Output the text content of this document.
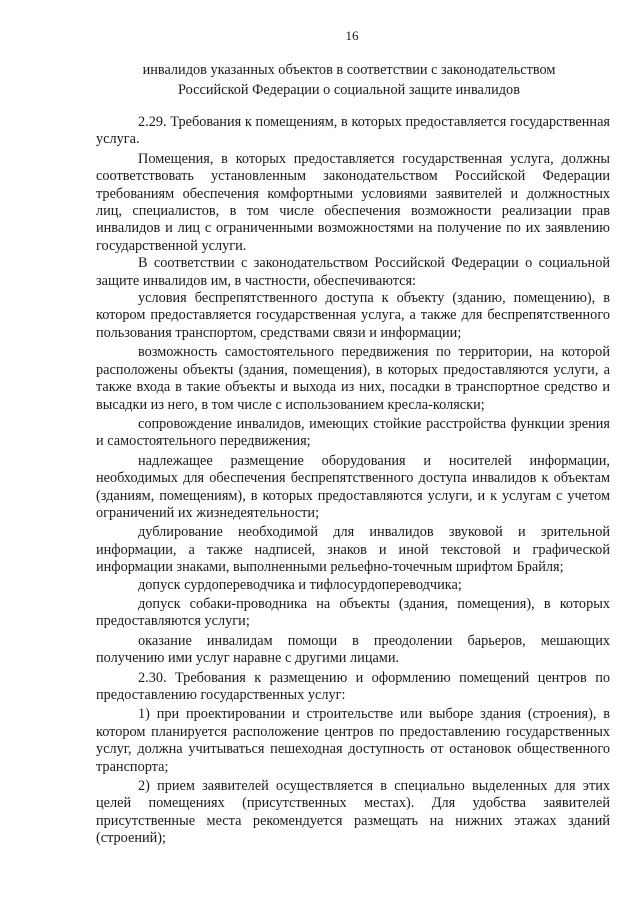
16
инвалидов указанных объектов в соответствии с законодательством
Российской Федерации о социальной защите инвалидов

2.29. Требования к помещениям, в которых предоставляется государственная услуга.

Помещения, в которых предоставляется государственная услуга, должны соответствовать установленным законодательством Российской Федерации требованиям обеспечения комфортными условиями заявителей и должностных лиц, специалистов, в том числе обеспечения возможности реализации прав инвалидов и лиц с ограниченными возможностями на получение по их заявлению государственной услуги.

В соответствии с законодательством Российской Федерации о социальной защите инвалидов им, в частности, обеспечиваются:

условия беспрепятственного доступа к объекту (зданию, помещению), в котором предоставляется государственная услуга, а также для беспрепятственного пользования транспортом, средствами связи и информации;

возможность самостоятельного передвижения по территории, на которой расположены объекты (здания, помещения), в которых предоставляются услуги, а также входа в такие объекты и выхода из них, посадки в транспортное средство и высадки из него, в том числе с использованием кресла-коляски;

сопровождение инвалидов, имеющих стойкие расстройства функции зрения и самостоятельного передвижения;

надлежащее размещение оборудования и носителей информации, необходимых для обеспечения беспрепятственного доступа инвалидов к объектам (зданиям, помещениям), в которых предоставляются услуги, и к услугам с учетом ограничений их жизнедеятельности;

дублирование необходимой для инвалидов звуковой и зрительной информации, а также надписей, знаков и иной текстовой и графической информации знаками, выполненными рельефно-точечным шрифтом Брайля;

допуск сурдопереводчика и тифлосурдопереводчика;

допуск собаки-проводника на объекты (здания, помещения), в которых предоставляются услуги;

оказание инвалидам помощи в преодолении барьеров, мешающих получению ими услуг наравне с другими лицами.

2.30. Требования к размещению и оформлению помещений центров по предоставлению государственных услуг:

1) при проектировании и строительстве или выборе здания (строения), в котором планируется расположение центров по предоставлению государственных услуг, должна учитываться пешеходная доступность от остановок общественного транспорта;

2) прием заявителей осуществляется в специально выделенных для этих целей помещениях (присутственных местах). Для удобства заявителей присутственные места рекомендуется размещать на нижних этажах зданий (строений);
